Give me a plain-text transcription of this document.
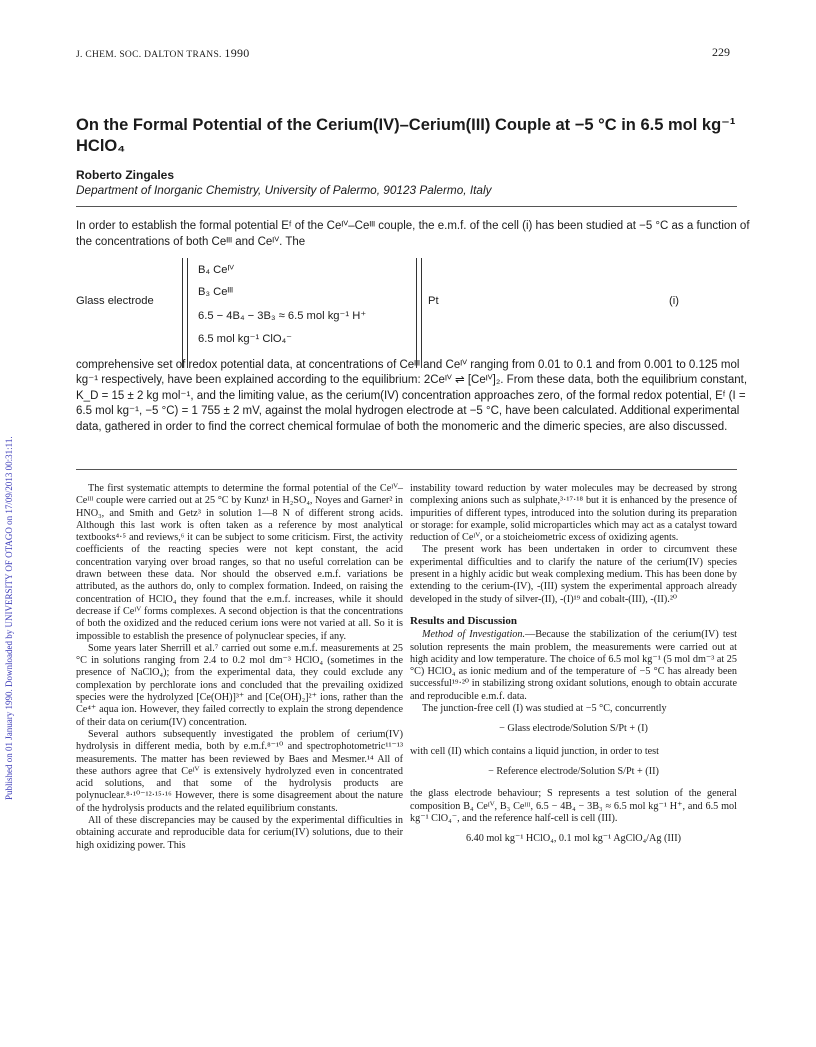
Published on 01 January 1990. Downloaded by UNIVERSITY OF OTAGO on 17/09/2013 00:31:11.
J. CHEM. SOC. DALTON TRANS. 1990	229
On the Formal Potential of the Cerium(IV)–Cerium(III) Couple at −5 °C in 6.5 mol kg⁻¹ HClO₄
Roberto Zingales
Department of Inorganic Chemistry, University of Palermo, 90123 Palermo, Italy
In order to establish the formal potential Eᶠ of the Ceᴵⱽ–Ceᴵᴵᴵ couple, the e.m.f. of the cell (i) has been studied at −5 °C as a function of the concentrations of both Ceᴵᴵᴵ and Ceᴵⱽ. The
Glass electrode
B₄ Ceᴵⱽ
B₃ Ceᴵᴵᴵ
6.5 − 4B₄ − 3B₃ ≈ 6.5 mol kg⁻¹ H⁺
6.5 mol kg⁻¹ ClO₄⁻
Pt	(i)
comprehensive set of redox potential data, at concentrations of Ceᴵᴵᴵ and Ceᴵⱽ ranging from 0.01 to 0.1 and from 0.001 to 0.125 mol kg⁻¹ respectively, have been explained according to the equilibrium: 2Ceᴵⱽ ⇌ [Ceᴵⱽ]₂. From these data, both the equilibrium constant, K_D = 15 ± 2 kg mol⁻¹, and the limiting value, as the cerium(IV) concentration approaches zero, of the formal redox potential, Eᶠ (I = 6.5 mol kg⁻¹, −5 °C) = 1 755 ± 2 mV, against the molal hydrogen electrode at −5 °C, have been calculated. Additional experimental data, gathered in order to find the correct chemical formulae of both the monomeric and the dimeric species, are also discussed.

The first systematic attempts to determine the formal potential of the Ceᴵⱽ–Ceᴵᴵᴵ couple were carried out at 25 °C by Kunz¹ in H₂SO₄, Noyes and Garner² in HNO₃, and Smith and Getz³ in solution 1—8 N of different strong acids. Although this last work is often taken as a reference by most analytical textbooks⁴·⁵ and reviews,⁶ it can be subject to some criticism. First, the activity coefficients of the reacting species were not kept constant, the acid concentration varying over broad ranges, so that no useful correlation can be drawn between these data. Nor should the observed e.m.f. variations be attributed, as the authors do, only to complex formation. Indeed, on raising the concentration of HClO₄ they found that the e.m.f. increases, while it should decrease if Ceᴵⱽ forms complexes. A second objection is that the concentrations of both the oxidized and the reduced cerium ions were not varied at all. So it is impossible to establish the presence of polynuclear species, if any.

Some years later Sherrill et al.⁷ carried out some e.m.f. measurements at 25 °C in solutions ranging from 2.4 to 0.2 mol dm⁻³ HClO₄ (sometimes in the presence of NaClO₄); from the experimental data, they could exclude any complexation by perchlorate ions and concluded that the prevailing oxidized species were the hydrolyzed [Ce(OH)]³⁺ and [Ce(OH)₂]²⁺ ions, rather than the Ce⁴⁺ aqua ion. However, they failed correctly to explain the strong dependence of their data on cerium(IV) concentration.

Several authors subsequently investigated the problem of cerium(IV) hydrolysis in different media, both by e.m.f.⁸⁻¹⁰ and spectrophotometric¹¹⁻¹³ measurements. The matter has been reviewed by Baes and Mesmer.¹⁴ All of these authors agree that Ceᴵⱽ is extensively hydrolyzed even in concentrated acid solutions, and that some of the hydrolysis products are polynuclear.⁸·¹⁰⁻¹²·¹⁵·¹⁶ However, there is some disagreement about the nature of the hydrolysis products and the related equilibrium constants.

All of these discrepancies may be caused by the experimental difficulties in obtaining accurate and reproducible data for cerium(IV) solutions, due to their high oxidizing power. This

instability toward reduction by water molecules may be decreased by strong complexing anions such as sulphate,³·¹⁷·¹⁸ but it is enhanced by the presence of impurities of different types, introduced into the solution during its preparation or storage: for example, solid microparticles which may act as a catalyst toward reduction of Ceᴵⱽ, or a stoicheiometric excess of oxidizing agents.

The present work has been undertaken in order to circumvent these experimental difficulties and to clarify the nature of the cerium(IV) species present in a highly acidic but weak complexing medium. This has been done by extending to the cerium-(IV), -(III) system the experimental approach already developed in the study of silver-(II), -(I)¹⁹ and cobalt-(III), -(II).²⁰

Results and Discussion

Method of Investigation.—Because the stabilization of the cerium(IV) test solution represents the main problem, the measurements were carried out at high acidity and low temperature. The choice of 6.5 mol kg⁻¹ (5 mol dm⁻³ at 25 °C) HClO₄ as ionic medium and of the temperature of −5 °C has already been successful¹⁹·²⁰ in stabilizing strong oxidant solutions, enough to obtain accurate and reproducible e.m.f. data.

The junction-free cell (I) was studied at −5 °C, concurrently

− Glass electrode/Solution S/Pt + (I)

with cell (II) which contains a liquid junction, in order to test

− Reference electrode/Solution S/Pt + (II)

the glass electrode behaviour; S represents a test solution of the general composition B₄ Ceᴵⱽ, B₃ Ceᴵᴵᴵ, 6.5 − 4B₄ − 3B₃ ≈ 6.5 mol kg⁻¹ H⁺, and 6.5 mol kg⁻¹ ClO₄⁻, and the reference half-cell is cell (III).

6.40 mol kg⁻¹ HClO₄, 0.1 mol kg⁻¹ AgClO₄/Ag (III)
